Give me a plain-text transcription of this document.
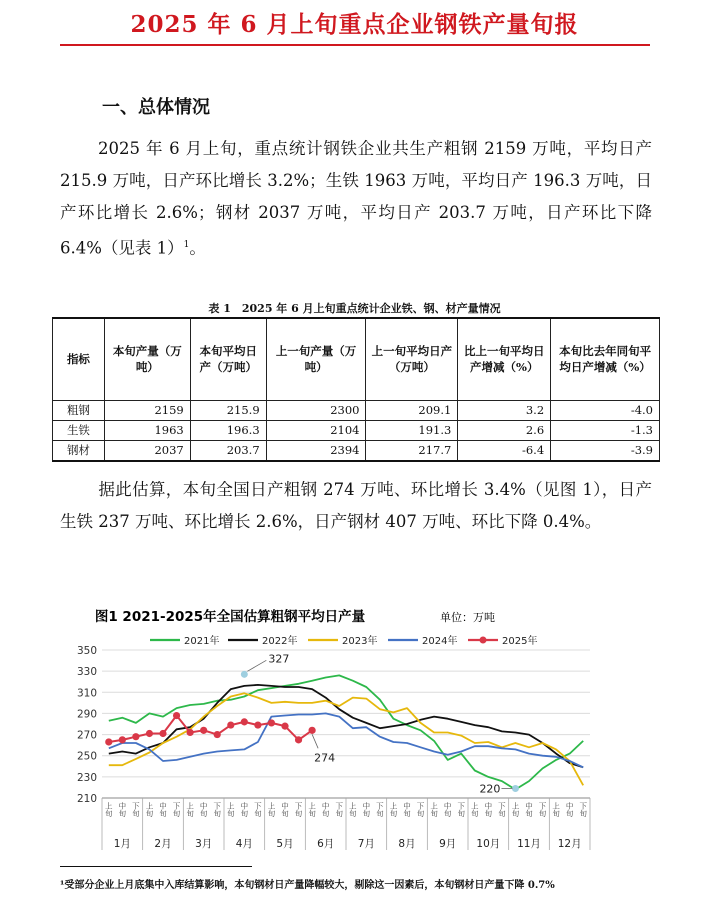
2025 年 6 月上旬重点企业钢铁产量旬报
一、总体情况
2025 年 6 月上旬，重点统计钢铁企业共生产粗钢 2159 万吨，平均日产 215.9 万吨，日产环比增长 3.2%；生铁 1963 万吨，平均日产 196.3 万吨，日产环比增长 2.6%；钢材 2037 万吨，平均日产 203.7 万吨，日产环比下降 6.4%（见表 1）$^1$。
表 1　2025 年 6 月上旬重点统计企业铁、钢、材产量情况
指标	本旬产量（万吨）	本旬平均日产（万吨）	上一旬产量（万吨）	上一旬平均日产（万吨）	比上一旬平均日产增减（%）	本旬比去年同旬平均日产增减（%）
粗钢	2159	215.9	2300	209.1	3.2	-4.0
生铁	1963	196.3	2104	191.3	2.6	-1.3
钢材	2037	203.7	2394	217.7	-6.4	-3.9
据此估算，本旬全国日产粗钢 274 万吨、环比增长 3.4%（见图 1），日产生铁 237 万吨、环比增长 2.6%，日产钢材 407 万吨、环比下降 0.4%。
图1 2021-2025年全国估算粗钢平均日产量	单位：万吨
2021年	2022年	2023年	2024年	2025年
210
230
250
270
290
310
330
350
上旬 中旬 下旬 上旬 中旬 下旬 上旬 中旬 下旬 上旬 中旬 下旬 上旬 中旬 下旬 上旬 中旬 下旬 上旬 中旬 下旬 上旬 中旬 下旬 上旬 中旬 下旬 上旬 中旬 下旬 上旬 中旬 下旬 上旬 中旬 下旬
1月 2月 3月 4月 5月 6月 7月 8月 9月 10月 11月 12月
327
274
220
¹受部分企业上月底集中入库结算影响，本旬钢材日产量降幅较大，剔除这一因素后，本旬钢材日产量下降 0.7%
